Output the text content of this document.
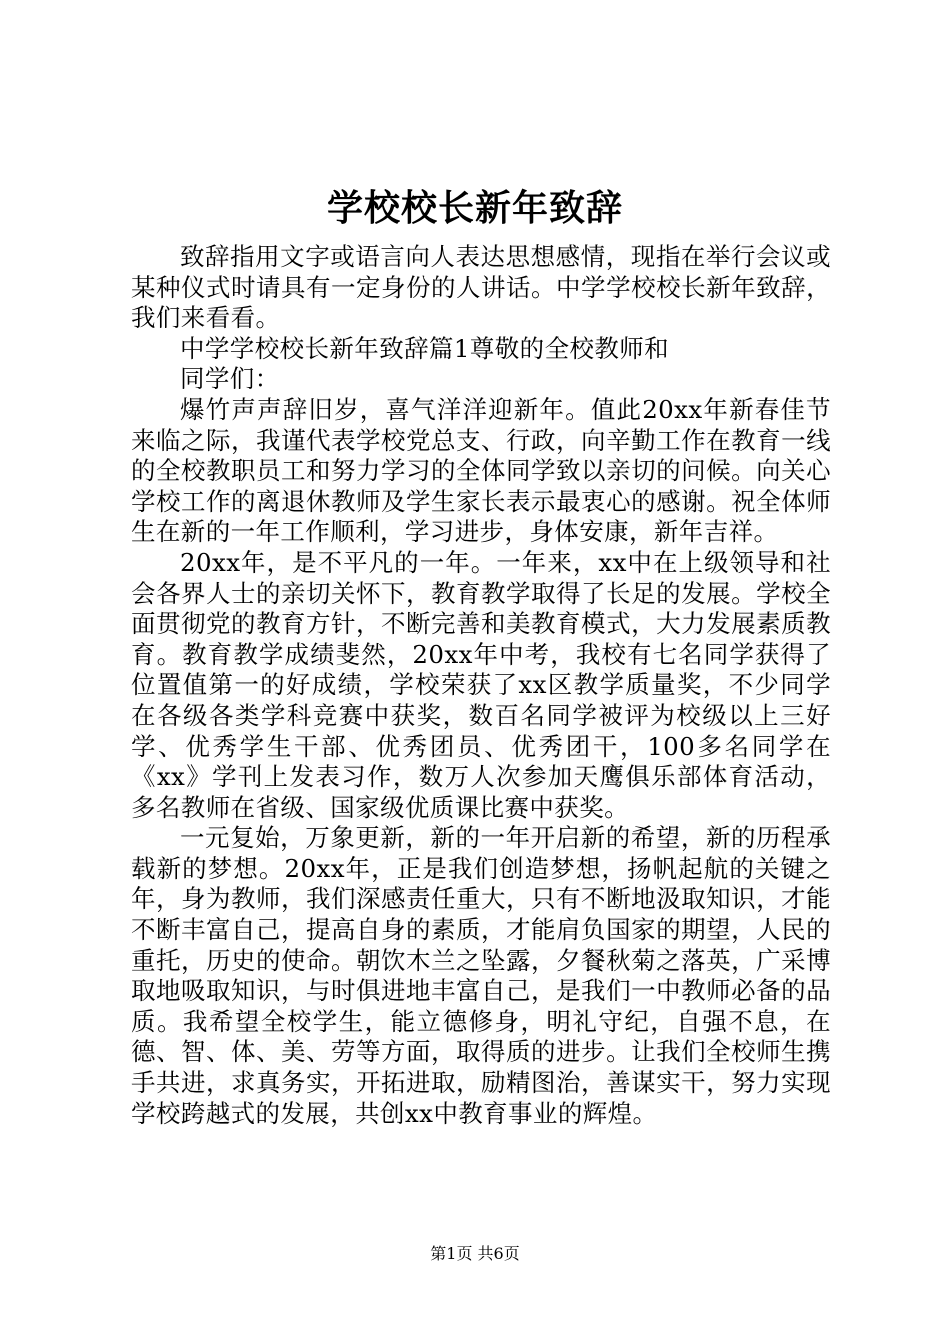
学校校长新年致辞

致辞指用文字或语言向人表达思想感情，现指在举行会议或某种仪式时请具有一定身份的人讲话。中学学校校长新年致辞，我们来看看。

中学学校校长新年致辞篇1尊敬的全校教师和

同学们：

爆竹声声辞旧岁，喜气洋洋迎新年。值此20xx年新春佳节来临之际，我谨代表学校党总支、行政，向辛勤工作在教育一线的全校教职员工和努力学习的全体同学致以亲切的问候。向关心学校工作的离退休教师及学生家长表示最衷心的感谢。祝全体师生在新的一年工作顺利，学习进步，身体安康，新年吉祥。

20xx年，是不平凡的一年。一年来，xx中在上级领导和社会各界人士的亲切关怀下，教育教学取得了长足的发展。学校全面贯彻党的教育方针，不断完善和美教育模式，大力发展素质教育。教育教学成绩斐然，20xx年中考，我校有七名同学获得了位置值第一的好成绩，学校荣获了xx区教学质量奖，不少同学在各级各类学科竞赛中获奖，数百名同学被评为校级以上三好学、优秀学生干部、优秀团员、优秀团干，100多名同学在《xx》学刊上发表习作，数万人次参加天鹰俱乐部体育活动，多名教师在省级、国家级优质课比赛中获奖。

一元复始，万象更新，新的一年开启新的希望，新的历程承载新的梦想。20xx年，正是我们创造梦想，扬帆起航的关键之年，身为教师，我们深感责任重大，只有不断地汲取知识，才能不断丰富自己，提高自身的素质，才能肩负国家的期望，人民的重托，历史的使命。朝饮木兰之坠露，夕餐秋菊之落英，广采博取地吸取知识，与时俱进地丰富自己，是我们一中教师必备的品质。我希望全校学生，能立德修身，明礼守纪，自强不息，在德、智、体、美、劳等方面，取得质的进步。让我们全校师生携手共进，求真务实，开拓进取，励精图治，善谋实干，努力实现学校跨越式的发展，共创xx中教育事业的辉煌。

第1页 共6页
